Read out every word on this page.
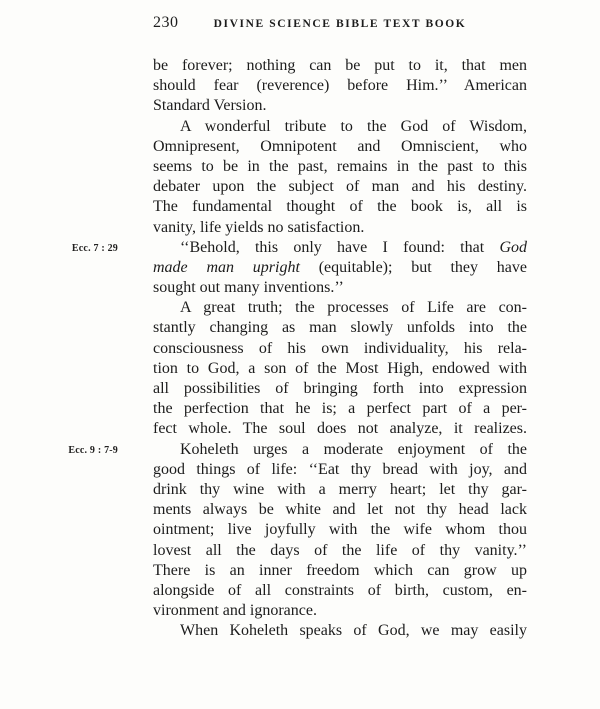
230	DIVINE SCIENCE BIBLE TEXT BOOK
be forever; nothing can be put to it, that men
should fear (reverence) before Him.’’ American
Standard Version.
A wonderful tribute to the God of Wisdom,
Omnipresent, Omnipotent and Omniscient, who
seems to be in the past, remains in the past to this
debater upon the subject of man and his destiny.
The fundamental thought of the book is, all is
vanity, life yields no satisfaction.
‘‘Behold, this only have I found: that God
made man upright (equitable); but they have
sought out many inventions.’’
A great truth; the processes of Life are con-
stantly changing as man slowly unfolds into the
consciousness of his own individuality, his rela-
tion to God, a son of the Most High, endowed with
all possibilities of bringing forth into expression
the perfection that he is; a perfect part of a per-
fect whole. The soul does not analyze, it realizes.
Koheleth urges a moderate enjoyment of the
good things of life: ‘‘Eat thy bread with joy, and
drink thy wine with a merry heart; let thy gar-
ments always be white and let not thy head lack
ointment; live joyfully with the wife whom thou
lovest all the days of the life of thy vanity.’’
There is an inner freedom which can grow up
alongside of all constraints of birth, custom, en-
vironment and ignorance.
When Koheleth speaks of God, we may easily
Ecc. 7 : 29
Ecc. 9 : 7-9
